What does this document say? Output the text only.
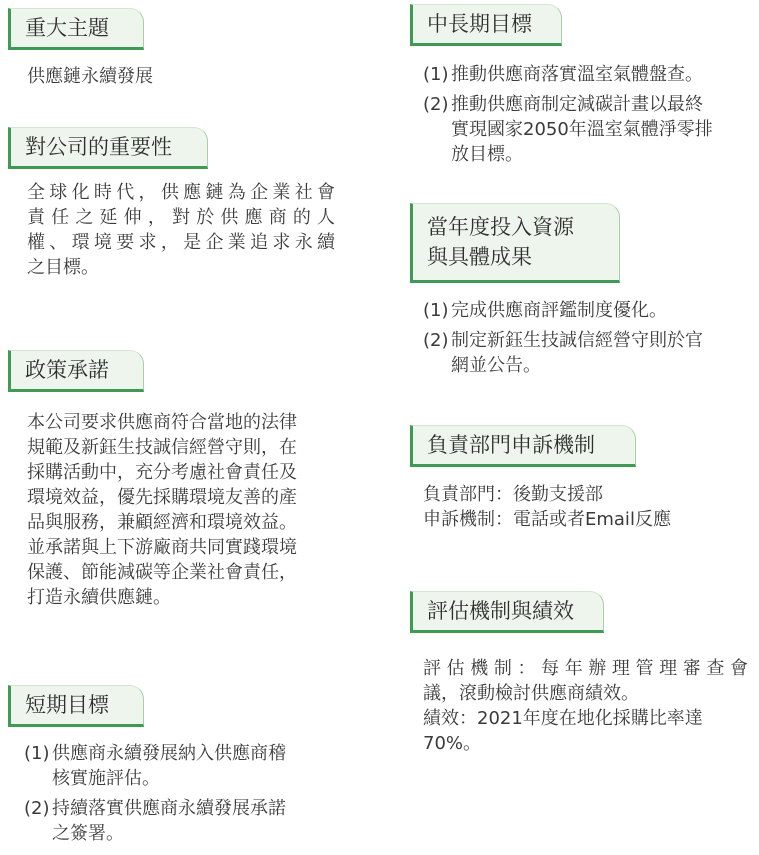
重大主題

供應鏈永續發展

對公司的重要性

全球化時代，供應鏈為企業社會

責任之延伸，對於供應商的人

權、環境要求，是企業追求永續

之目標。

政策承諾

本公司要求供應商符合當地的法律

規範及新鈺生技誠信經營守則，在

採購活動中，充分考慮社會責任及

環境效益，優先採購環境友善的產

品與服務，兼顧經濟和環境效益。

並承諾與上下游廠商共同實踐環境

保護、節能減碳等企業社會責任，

打造永續供應鏈。

短期目標
(1) 供應商永續發展納入供應商稽

核實施評估。

(2) 持續落實供應商永續發展承諾

之簽署。

中長期目標
(1) 推動供應商落實溫室氣體盤查。

(2) 推動供應商制定減碳計畫以最終

實現國家2050年溫室氣體淨零排

放目標。

當年度投入資源
與具體成果
(1) 完成供應商評鑑制度優化。

(2) 制定新鈺生技誠信經營守則於官

網並公告。

負責部門申訴機制

負責部門：後勤支援部

申訴機制：電話或者Email反應

評估機制與績效

評估機制：每年辦理管理審查會

議，滾動檢討供應商績效。

績效：2021年度在地化採購比率達

70%。
